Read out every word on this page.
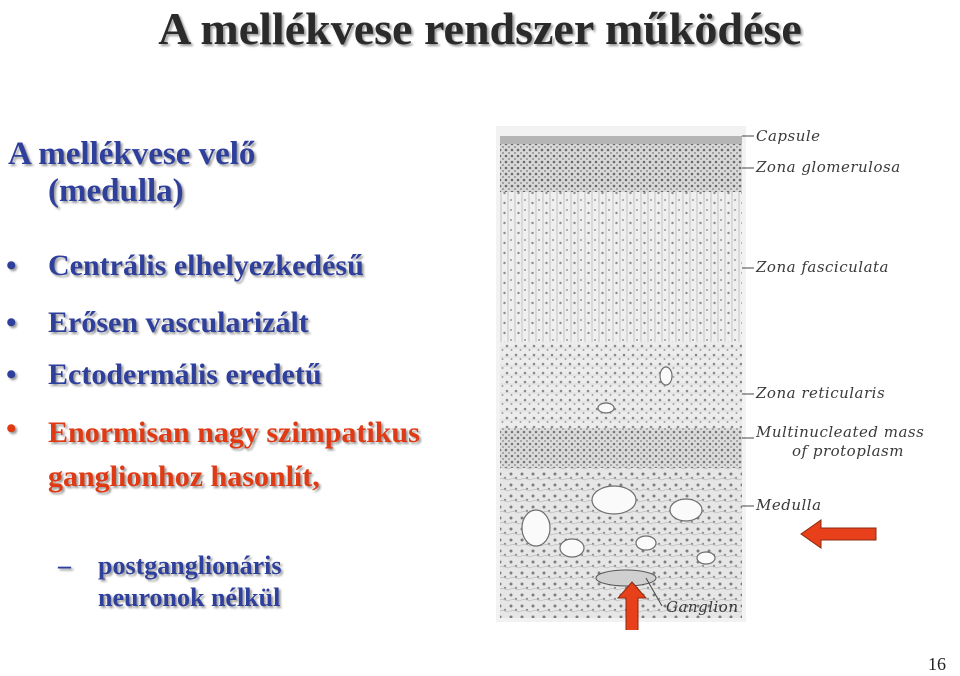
A mellékvese rendszer működése
A mellékvese velő
(medulla)
• Centrális elhelyezkedésű
• Erősen vascularizált
• Ectodermális eredetű
• Enormisan nagy szimpatikus ganglionhoz hasonlít,
– postganglionáris
neuronok nélkül
Capsule
Zona glomerulosa
Zona fasciculata
Zona reticularis
Multinucleated mass
of protoplasm
Medulla
Ganglion
16
